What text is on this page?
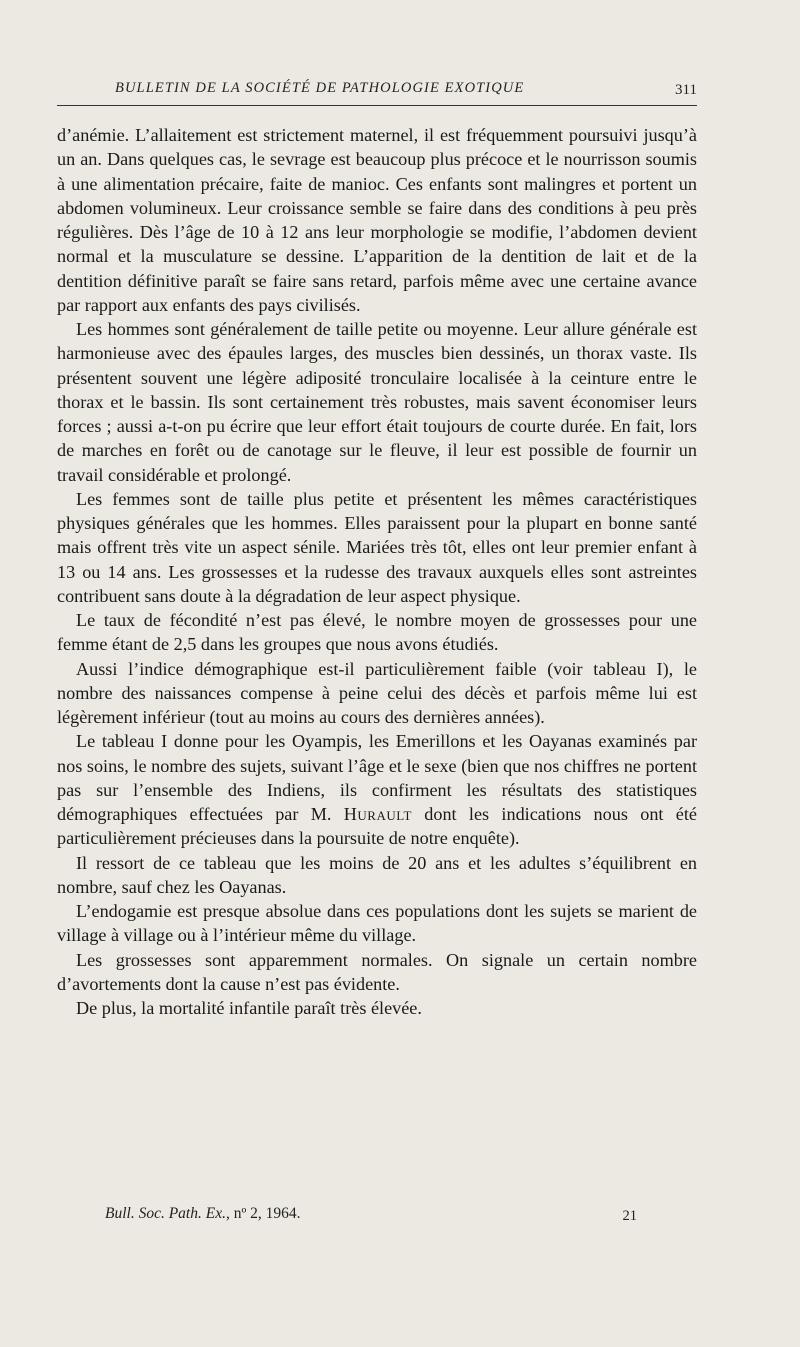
BULLETIN DE LA SOCIÉTÉ DE PATHOLOGIE EXOTIQUE	311

d’anémie. L’allaitement est strictement maternel, il est fréquemment poursuivi jusqu’à un an. Dans quelques cas, le sevrage est beaucoup plus précoce et le nourrisson soumis à une alimentation précaire, faite de manioc. Ces enfants sont malingres et portent un abdomen volumineux. Leur croissance semble se faire dans des conditions à peu près régulières. Dès l’âge de 10 à 12 ans leur morphologie se modifie, l’abdomen devient normal et la musculature se dessine. L’apparition de la dentition de lait et de la dentition définitive paraît se faire sans retard, parfois même avec une certaine avance par rapport aux enfants des pays civilisés.

Les hommes sont généralement de taille petite ou moyenne. Leur allure générale est harmonieuse avec des épaules larges, des muscles bien dessinés, un thorax vaste. Ils présentent souvent une légère adiposité tronculaire localisée à la ceinture entre le thorax et le bassin. Ils sont certainement très robustes, mais savent économiser leurs forces ; aussi a-t-on pu écrire que leur effort était toujours de courte durée. En fait, lors de marches en forêt ou de canotage sur le fleuve, il leur est possible de fournir un travail considérable et prolongé.

Les femmes sont de taille plus petite et présentent les mêmes caractéristiques physiques générales que les hommes. Elles paraissent pour la plupart en bonne santé mais offrent très vite un aspect sénile. Mariées très tôt, elles ont leur premier enfant à 13 ou 14 ans. Les grossesses et la rudesse des travaux auxquels elles sont astreintes contribuent sans doute à la dégradation de leur aspect physique.

Le taux de fécondité n’est pas élevé, le nombre moyen de grossesses pour une femme étant de 2,5 dans les groupes que nous avons étudiés.

Aussi l’indice démographique est-il particulièrement faible (voir tableau I), le nombre des naissances compense à peine celui des décès et parfois même lui est légèrement inférieur (tout au moins au cours des dernières années).

Le tableau I donne pour les Oyampis, les Emerillons et les Oayanas examinés par nos soins, le nombre des sujets, suivant l’âge et le sexe (bien que nos chiffres ne portent pas sur l’ensemble des Indiens, ils confirment les résultats des statistiques démographiques effectuées par M. Hurault dont les indications nous ont été particulièrement précieuses dans la poursuite de notre enquête).

Il ressort de ce tableau que les moins de 20 ans et les adultes s’équilibrent en nombre, sauf chez les Oayanas.

L’endogamie est presque absolue dans ces populations dont les sujets se marient de village à village ou à l’intérieur même du village.

Les grossesses sont apparemment normales. On signale un certain nombre d’avortements dont la cause n’est pas évidente.

De plus, la mortalité infantile paraît très élevée.

Bull. Soc. Path. Ex., nº 2, 1964.	21
